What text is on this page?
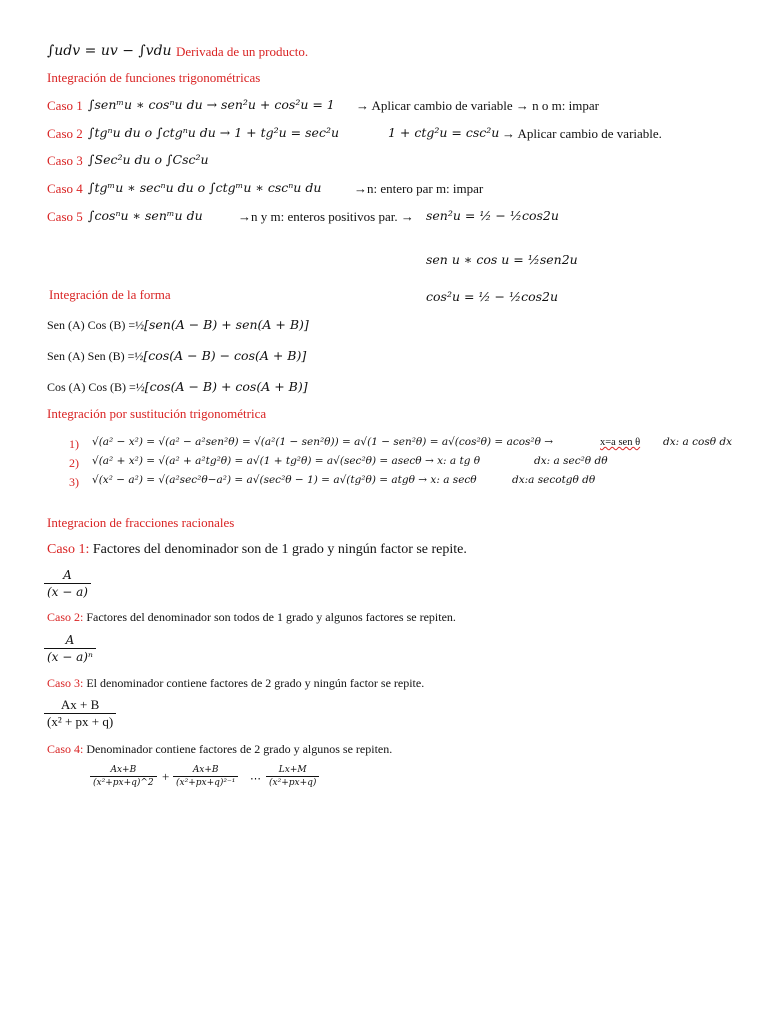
∫udv = uv − ∫vdu Derivada de un producto.
Integración de funciones trigonométricas
Caso 1 ∫senᵐu ∗ cosⁿu du → sen²u + cos²u = 1 → Aplicar cambio de variable → n o m: impar
Caso 2 ∫tgⁿu du o ∫ctgⁿu du → 1 + tg²u = sec²u	1 + ctg²u = csc²u → Aplicar cambio de variable.
Caso 3 ∫Sec²u du o ∫Csc²u
Caso 4 ∫tgᵐu ∗ secⁿu du o ∫ctgᵐu ∗ cscⁿu du	→n: entero par m: impar
Caso 5 ∫cosⁿu ∗ senᵐu du	→n y m: enteros positivos par. → sen²u = ½ − ½cos2u
sen u ∗ cos u = ½sen2u
cos²u = ½ − ½cos2u
Integración de la forma
Sen (A) Cos (B) =½[sen(A − B) + sen(A + B)]
Sen (A) Sen (B) =½[cos(A − B) − cos(A + B)]
Cos (A) Cos (B) =½[cos(A − B) + cos(A + B)]
Integración por sustitución trigonométrica
1) √(a² − x²) = √(a² − a²sen²θ) = √(a²(1 − sen²θ)) = a√(1 − sen²θ) = a√(cos²θ) = acos²θ →	x=a sen θ dx: a cosθ dx
2) √(a² + x²) = √(a² + a²tg²θ) = a√(1 + tg²θ) = a√(sec²θ) = asecθ → x: a tg θ	dx: a sec²θ dθ
3) √(x² − a²) = √(a²sec²θ−a²) = a√(sec²θ − 1) = a√(tg²θ) = atgθ → x: a secθ	dx:a secotgθ dθ
Integracion de fracciones racionales
Caso 1: Factores del denominador son de 1 grado y ningún factor se repite.
$\frac{A}{(x - a)}$
Caso 2: Factores del denominador son todos de 1 grado y algunos factores se repiten.
$\frac{A}{\text{(x − a)ⁿ}}$
Caso 3: El denominador contiene factores de 2 grado y ningún factor se repite.
$\frac{Ax + B}{\text{(x² + px + q)}}$
Caso 4: Denominador contiene factores de 2 grado y algunos se repiten.
$\frac{Ax+B}{\text{(x²+px+q)\textasciicircum{}2}} + \frac{Ax+B}{\text{(x²+px+q)²⁻¹}}$ ⋯ $\frac{Lx+M}{\text{(x²+px+q)}}$
